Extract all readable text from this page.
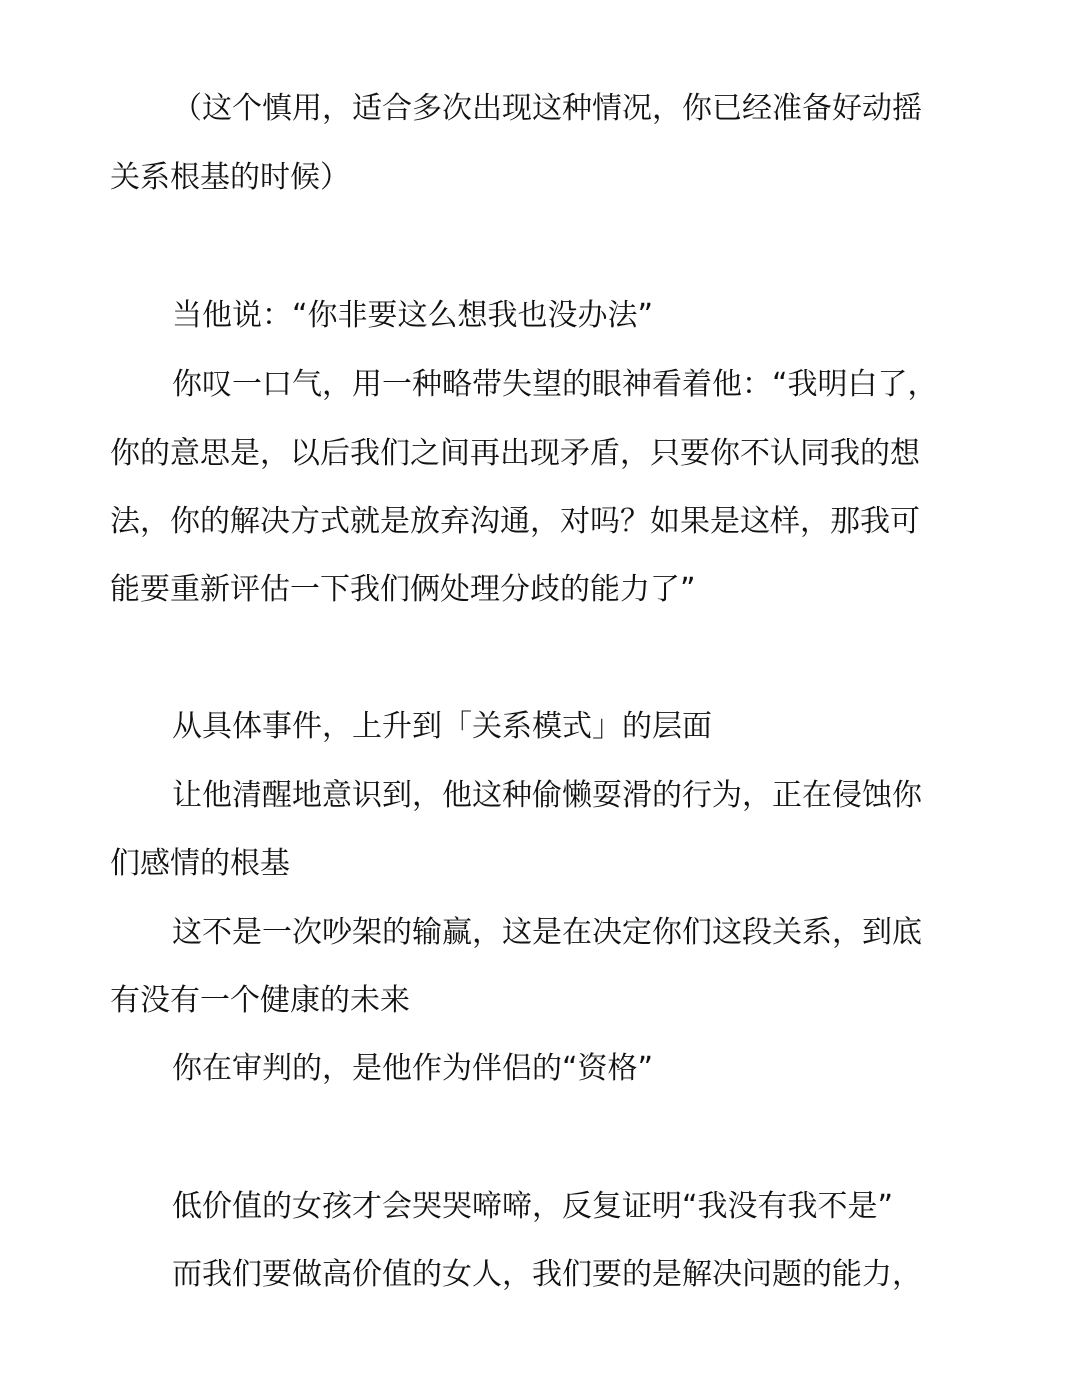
（这个慎用，适合多次出现这种情况，你已经准备好动摇
关系根基的时候）
当他说：“你非要这么想我也没办法”
你叹一口气，用一种略带失望的眼神看着他：“我明白了，
你的意思是，以后我们之间再出现矛盾，只要你不认同我的想
法，你的解决方式就是放弃沟通，对吗？如果是这样，那我可
能要重新评估一下我们俩处理分歧的能力了”
从具体事件，上升到「关系模式」的层面
让他清醒地意识到，他这种偷懒耍滑的行为，正在侵蚀你
们感情的根基
这不是一次吵架的输赢，这是在决定你们这段关系，到底
有没有一个健康的未来
你在审判的，是他作为伴侣的“资格”
低价值的女孩才会哭哭啼啼，反复证明“我没有我不是”
而我们要做高价值的女人，我们要的是解决问题的能力，
